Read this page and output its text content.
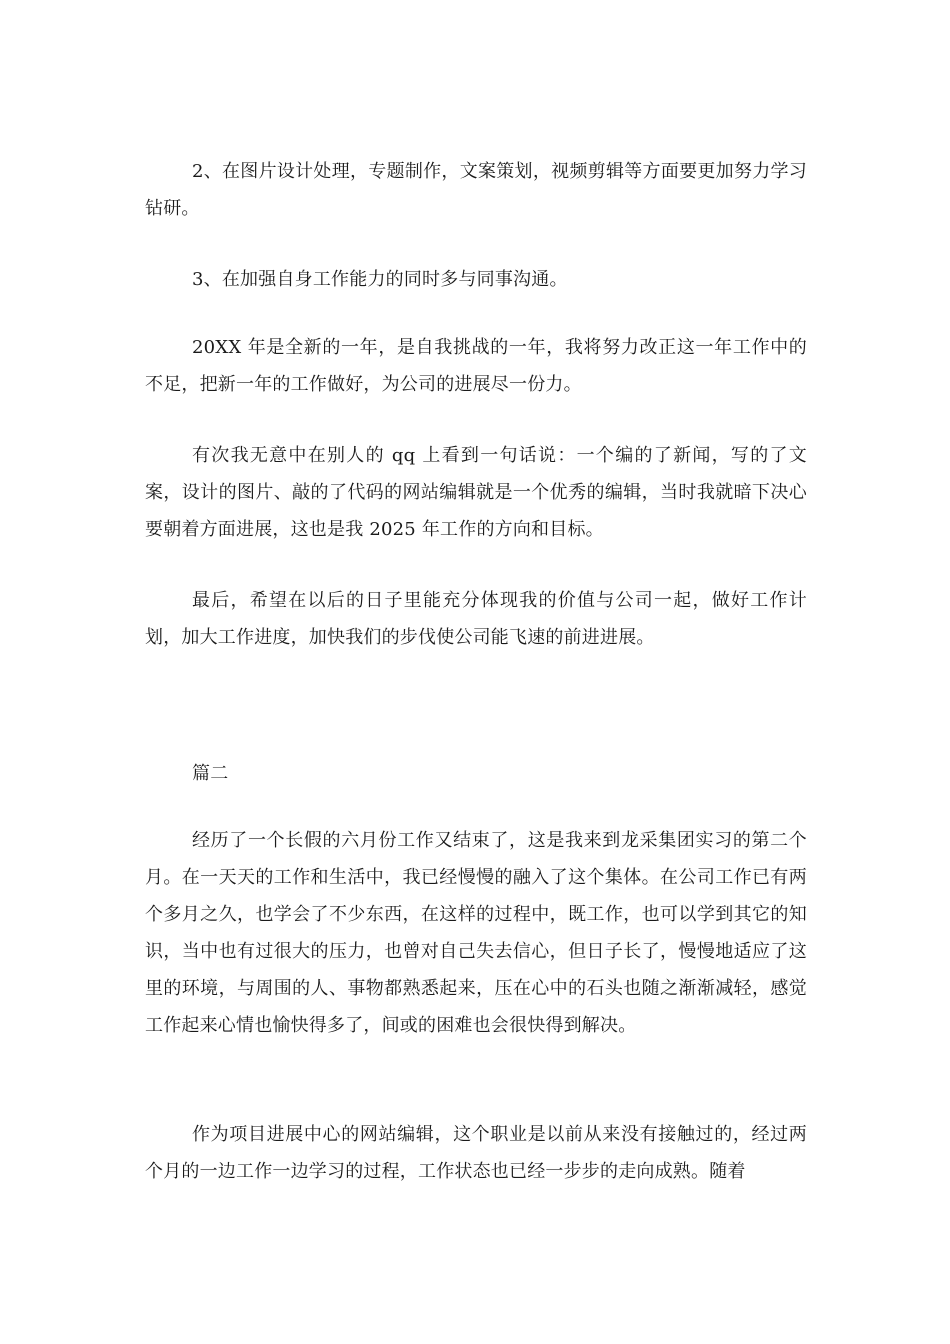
2、在图片设计处理，专题制作，文案策划，视频剪辑等方面要更加努力学习钻研。

3、在加强自身工作能力的同时多与同事沟通。

20XX 年是全新的一年，是自我挑战的一年，我将努力改正这一年工作中的不足，把新一年的工作做好，为公司的进展尽一份力。

有次我无意中在别人的 qq 上看到一句话说：一个编的了新闻，写的了文案，设计的图片、敲的了代码的网站编辑就是一个优秀的编辑，当时我就暗下决心要朝着方面进展，这也是我 2025 年工作的方向和目标。

最后，希望在以后的日子里能充分体现我的价值与公司一起，做好工作计划，加大工作进度，加快我们的步伐使公司能飞速的前进进展。

篇二

经历了一个长假的六月份工作又结束了，这是我来到龙采集团实习的第二个月。在一天天的工作和生活中，我已经慢慢的融入了这个集体。在公司工作已有两个多月之久，也学会了不少东西，在这样的过程中，既工作，也可以学到其它的知识，当中也有过很大的压力，也曾对自己失去信心，但日子长了，慢慢地适应了这里的环境，与周围的人、事物都熟悉起来，压在心中的石头也随之渐渐减轻，感觉工作起来心情也愉快得多了，间或的困难也会很快得到解决。

作为项目进展中心的网站编辑，这个职业是以前从来没有接触过的，经过两个月的一边工作一边学习的过程，工作状态也已经一步步的走向成熟。随着
